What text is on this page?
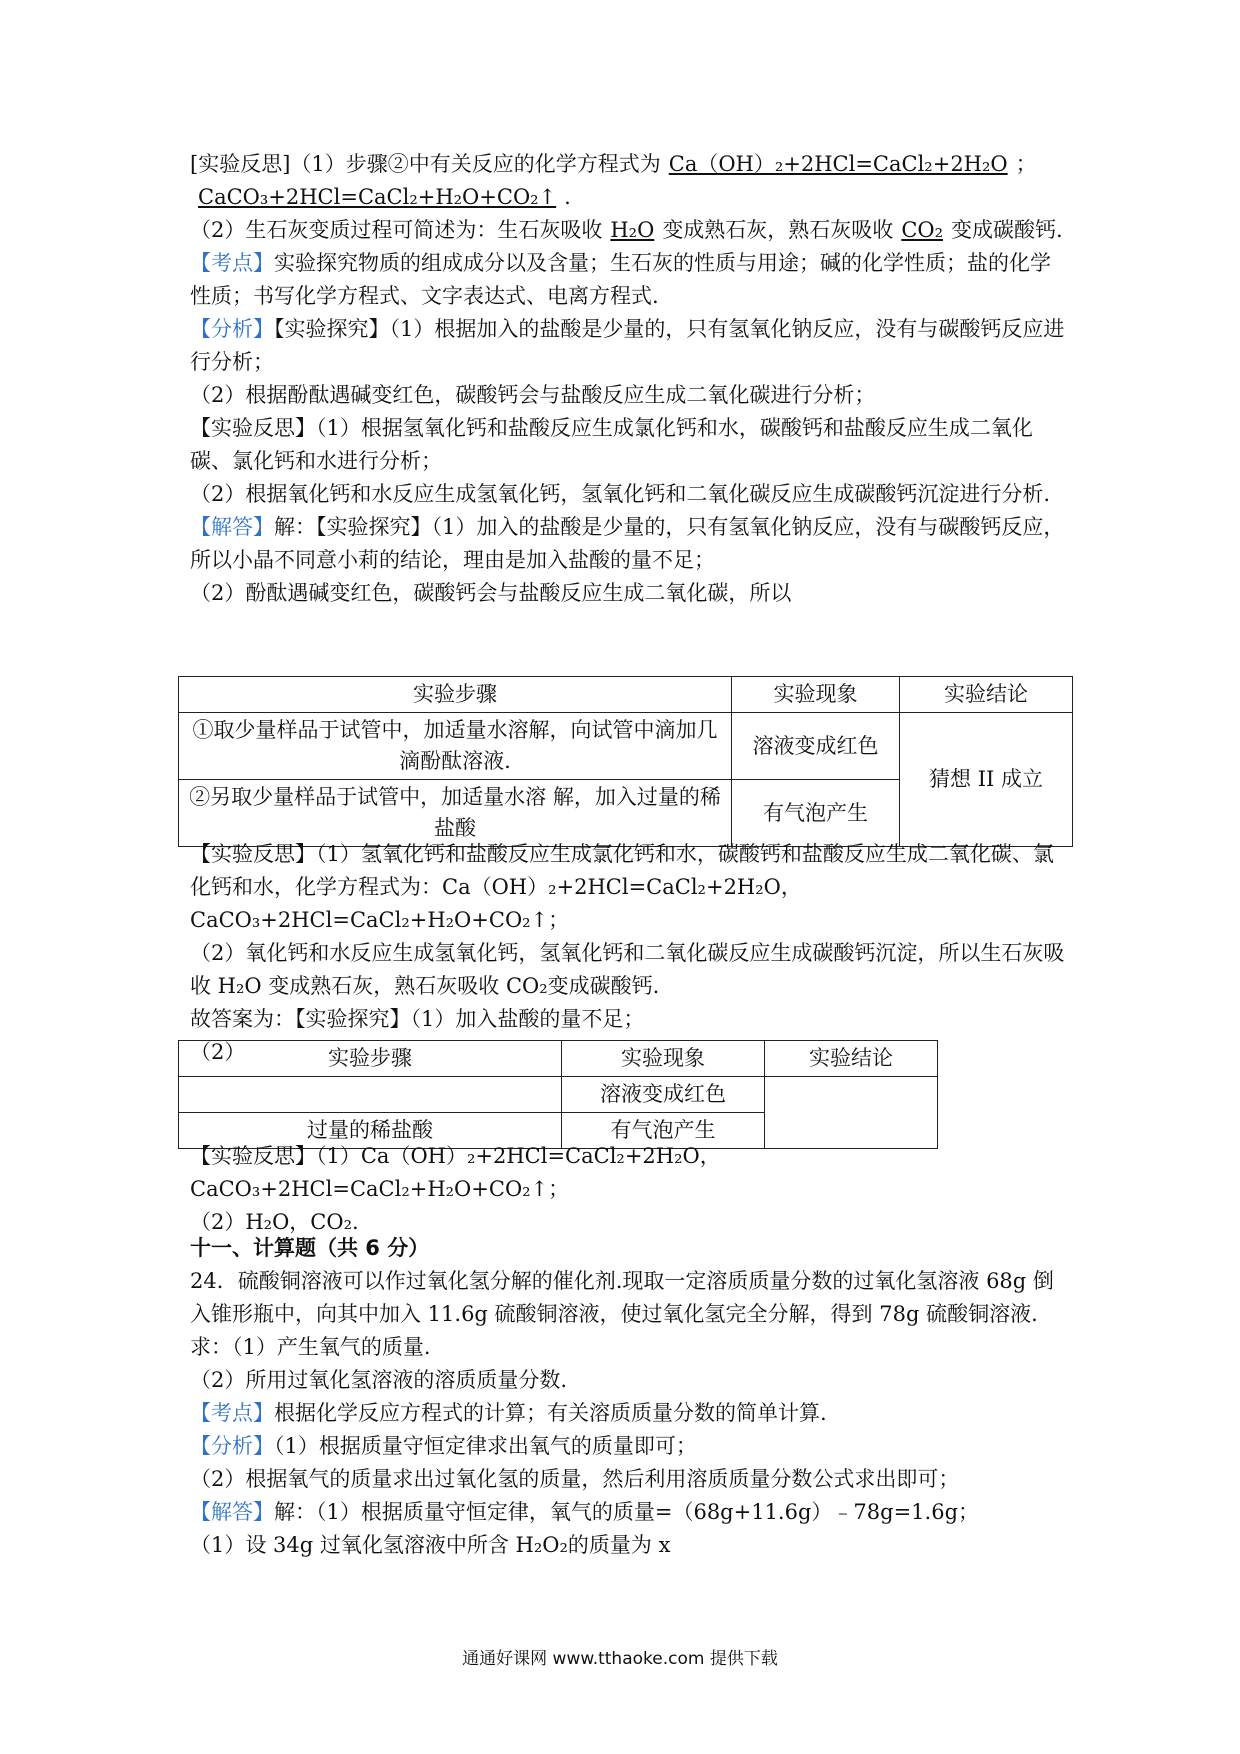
[实验反思]（1）步骤②中有关反应的化学方程式为 Ca（OH）₂+2HCl=CaCl₂+2H₂O ；CaCO₃+2HCl=CaCl₂+H₂O+CO₂↑ .

（2）生石灰变质过程可简述为：生石灰吸收 H₂O 变成熟石灰，熟石灰吸收 CO₂ 变成碳酸钙.

【考点】实验探究物质的组成成分以及含量；生石灰的性质与用途；碱的化学性质；盐的化学性质；书写化学方程式、文字表达式、电离方程式.

【分析】【实验探究】（1）根据加入的盐酸是少量的，只有氢氧化钠反应，没有与碳酸钙反应进行分析；

（2）根据酚酞遇碱变红色，碳酸钙会与盐酸反应生成二氧化碳进行分析；

【实验反思】（1）根据氢氧化钙和盐酸反应生成氯化钙和水，碳酸钙和盐酸反应生成二氧化碳、氯化钙和水进行分析；

（2）根据氧化钙和水反应生成氢氧化钙，氢氧化钙和二氧化碳反应生成碳酸钙沉淀进行分析.

【解答】解：【实验探究】（1）加入的盐酸是少量的，只有氢氧化钠反应，没有与碳酸钙反应，所以小晶不同意小莉的结论，理由是加入盐酸的量不足；

（2）酚酞遇碱变红色，碳酸钙会与盐酸反应生成二氧化碳，所以

实验步骤	实验现象	实验结论
①取少量样品于试管中，加适量水溶解，向试管中滴加几滴酚酞溶液.	溶液变成红色	猜想 II 成立
②另取少量样品于试管中，加适量水溶 解，加入过量的稀盐酸	有气泡产生	

【实验反思】（1）氢氧化钙和盐酸反应生成氯化钙和水，碳酸钙和盐酸反应生成二氧化碳、氯化钙和水，化学方程式为：Ca（OH）₂+2HCl=CaCl₂+2H₂O，CaCO₃+2HCl=CaCl₂+H₂O+CO₂↑；

（2）氧化钙和水反应生成氢氧化钙，氢氧化钙和二氧化碳反应生成碳酸钙沉淀，所以生石灰吸收 H₂O 变成熟石灰，熟石灰吸收 CO₂变成碳酸钙.

故答案为：【实验探究】（1）加入盐酸的量不足；

（2）	实验步骤	实验现象	实验结论
	溶液变成红色	
过量的稀盐酸	有气泡产生	

【实验反思】（1）Ca（OH）₂+2HCl=CaCl₂+2H₂O，CaCO₃+2HCl=CaCl₂+H₂O+CO₂↑；

（2）H₂O，CO₂.

十一、计算题（共 6 分）

24．硫酸铜溶液可以作过氧化氢分解的催化剂.现取一定溶质质量分数的过氧化氢溶液 68g 倒入锥形瓶中，向其中加入 11.6g 硫酸铜溶液，使过氧化氢完全分解，得到 78g 硫酸铜溶液.

求：（1）产生氧气的质量.

（2）所用过氧化氢溶液的溶质质量分数.

【考点】根据化学反应方程式的计算；有关溶质质量分数的简单计算.

【分析】（1）根据质量守恒定律求出氧气的质量即可；

（2）根据氧气的质量求出过氧化氢的质量，然后利用溶质质量分数公式求出即可；

【解答】解：（1）根据质量守恒定律，氧气的质量=（68g+11.6g）﹣78g=1.6g；

（1）设 34g 过氧化氢溶液中所含 H₂O₂的质量为 x

通通好课网 www.tthaoke.com 提供下载
